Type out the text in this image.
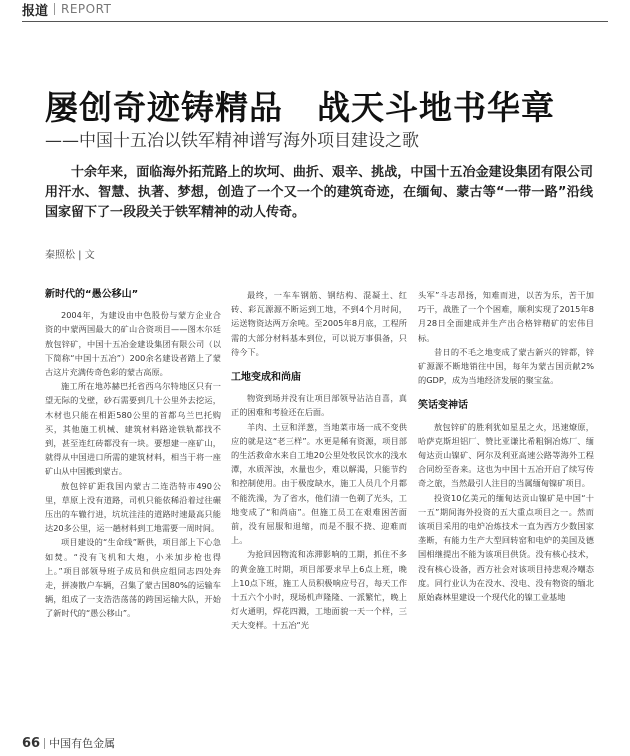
报道 REPORT
屡创奇迹铸精品　战天斗地书华章
——中国十五冶以铁军精神谱写海外项目建设之歌
十余年来，面临海外拓荒路上的坎坷、曲折、艰辛、挑战，中国十五冶金建设集团有限公司用汗水、智慧、执著、梦想，创造了一个又一个的建筑奇迹，在缅甸、蒙古等“一带一路”沿线国家留下了一段段关于铁军精神的动人传奇。
秦照松 | 文
新时代的“愚公移山”

2004年，为建设由中色股份与蒙方企业合资的中蒙两国最大的矿山合资项目——图木尔廷敖包锌矿，中国十五冶金建设集团有限公司（以下简称“中国十五冶”）200余名建设者踏上了蒙古这片充满传奇色彩的蒙古高原。

施工所在地苏赫巴托省西乌尔特地区只有一望无际的戈壁，砂石需要到几十公里外去挖运，木材也只能在相距580公里的首都乌兰巴托购买，其他施工机械、建筑材料路途铁轨都找不到，甚至连红砖都没有一块。要想建一座矿山，就得从中国进口所需的建筑材料，相当于将一座矿山从中国搬到蒙古。

敖包锌矿距我国内蒙古二连浩特市490公里，草原上没有道路，司机只能依稀沿着过往碾压出的车辙行进，坑坑洼洼的道路时速最高只能达20多公里，运一趟材料到工地需要一周时间。

项目建设的“生命线”断供，项目部上下心急如焚。“没有飞机和大炮，小米加步枪也得上。”项目部领导班子成员和供应组同志四处奔走，拼凑散户车辆，召集了蒙古国80%的运输车辆，组成了一支浩浩荡荡的跨国运输大队，开始了新时代的“愚公移山”。

最终，一车车钢筋、钢结构、混凝土、红砖、彩瓦源源不断运到工地，不到4个月时间，运送物资达两万余吨。至2005年8月底，工程所需的大部分材料基本到位，可以说万事俱备，只待今下。

工地变成和尚庙

物资到场并没有让项目部领导沾沾自喜，真正的困难和考验还在后面。

羊肉、土豆和洋葱，当地菜市场一成不变供应的就是这“老三样”。水更是稀有资源，项目部的生活救命水来自工地20公里处牧民饮水的浅水潭，水质浑浊，水量也少，难以解渴，只能节约和控制使用。由于极度缺水，施工人员几个月都不能洗澡，为了省水，他们清一色剃了光头，工地变成了“和尚庙”。但施工员工在艰难困苦面前，没有屈服和退缩，而是不服不挠、迎难而上。

为抢回因物流和冻滞影响的工期，抓住不多的黄金施工时期，项目部要求早上6点上班，晚上10点下班，施工人员积极响应号召，每天工作十五六个小时，现场机声隆隆、一派繁忙，晚上灯火通明，焊花四溅，工地面貌一天一个样，三天大变样。十五冶“光

头军”斗志昂扬，知难而进，以苦为乐，苦干加巧干，战胜了一个个困难，顺利实现了2015年8月28日全面建成并生产出合格锌精矿的宏伟目标。

昔日的不毛之地变成了蒙古新兴的锌都，锌矿源源不断地销往中国，每年为蒙古国贡献2%的GDP，成为当地经济发展的聚宝盆。

笑话变神话

敖包锌矿的胜利犹如星星之火，迅速燎原，哈萨克斯坦铝厂、赞比亚谦比希粗铜冶炼厂、缅甸达贡山镍矿、阿尔及利亚高速公路等海外工程合同纷至沓来。这也为中国十五冶开启了续写传奇之旅，当然最引人注目的当属缅甸镍矿项目。

投资10亿美元的缅甸达贡山镍矿是中国“十一五”期间海外投资的五大重点项目之一。然而该项目采用的电炉冶炼技术一直为西方少数国家垄断，有能力生产大型回转窑和电炉的美国及德国相继提出不能为该项目供货。没有核心技术，没有核心设备，西方社会对该项目持悲观冷嘲态度。同行业认为在没水、没电、没有物资的缅北原始森林里建设一个现代化的镍工业基地

66 中国有色金属
